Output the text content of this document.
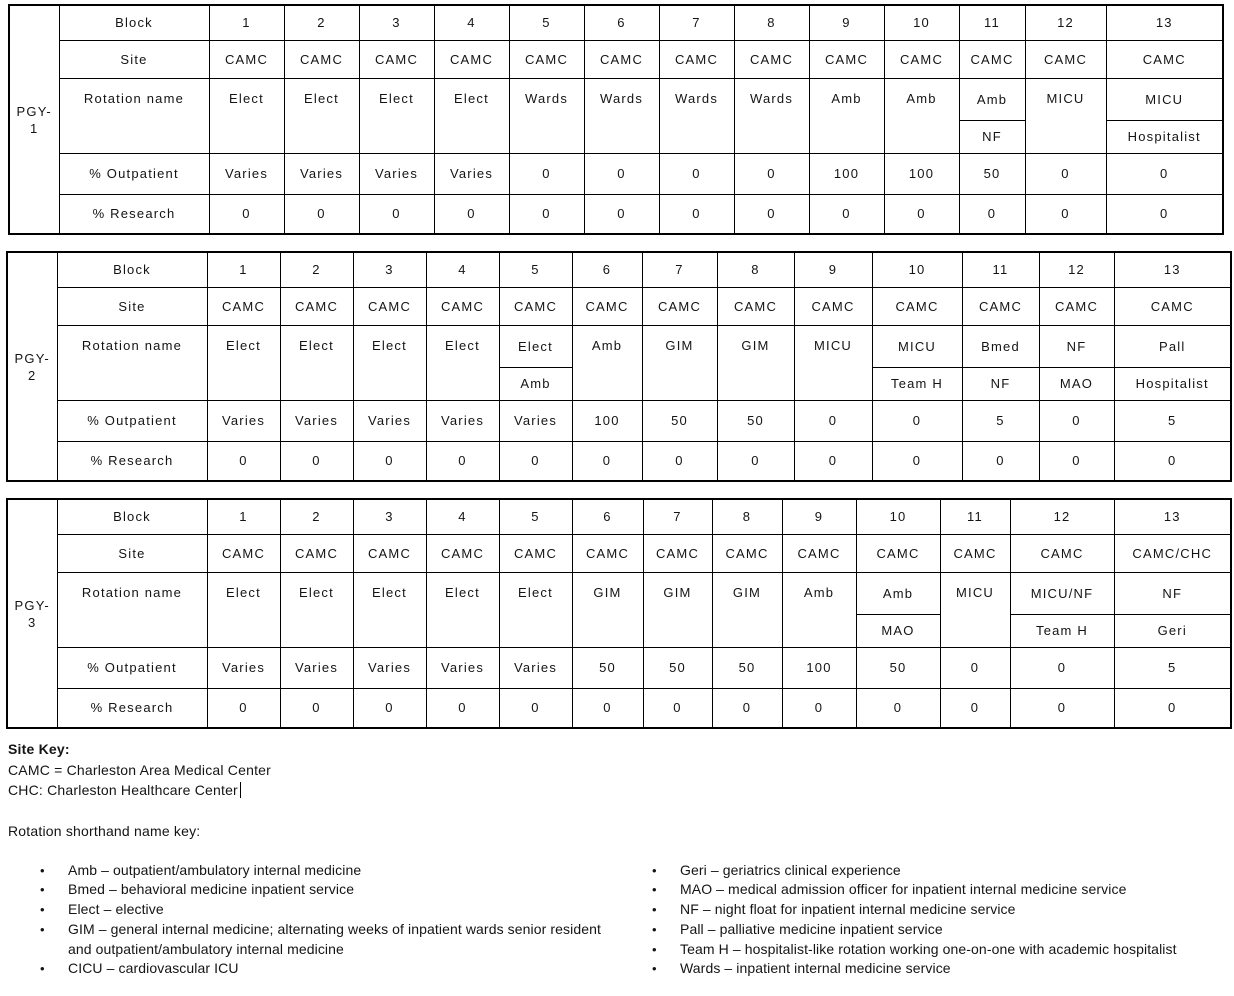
PGY-
1	Block	1	2	3	4	5	6	7	8	9	10	11	12	13
	Site	CAMC	CAMC	CAMC	CAMC	CAMC	CAMC	CAMC	CAMC	CAMC	CAMC	CAMC	CAMC	CAMC
	Rotation name	Elect	Elect	Elect	Elect	Wards	Wards	Wards	Wards	Amb	Amb	Amb	MICU	MICU
												NF		Hospitalist
	% Outpatient	Varies	Varies	Varies	Varies	0	0	0	0	100	100	50	0	0
	% Research	0	0	0	0	0	0	0	0	0	0	0	0	0
PGY-
2	Block	1	2	3	4	5	6	7	8	9	10	11	12	13
	Site	CAMC	CAMC	CAMC	CAMC	CAMC	CAMC	CAMC	CAMC	CAMC	CAMC	CAMC	CAMC	CAMC
	Rotation name	Elect	Elect	Elect	Elect	Elect	Amb	GIM	GIM	MICU	MICU	Bmed	NF	Pall
						Amb					Team H	NF	MAO	Hospitalist
	% Outpatient	Varies	Varies	Varies	Varies	Varies	100	50	50	0	0	5	0	5
	% Research	0	0	0	0	0	0	0	0	0	0	0	0	0
PGY-
3	Block	1	2	3	4	5	6	7	8	9	10	11	12	13
	Site	CAMC	CAMC	CAMC	CAMC	CAMC	CAMC	CAMC	CAMC	CAMC	CAMC	CAMC	CAMC	CAMC/CHC
	Rotation name	Elect	Elect	Elect	Elect	Elect	GIM	GIM	GIM	Amb	Amb	MICU	MICU/NF	NF
											MAO		Team H	Geri
	% Outpatient	Varies	Varies	Varies	Varies	Varies	50	50	50	100	50	0	0	5
	% Research	0	0	0	0	0	0	0	0	0	0	0	0	0
Site Key:
CAMC = Charleston Area Medical Center
CHC: Charleston Healthcare Center
Rotation shorthand name key:
•	Amb – outpatient/ambulatory internal medicine
•	Bmed – behavioral medicine inpatient service
•	Elect – elective
•	GIM – general internal medicine; alternating weeks of inpatient wards senior resident and outpatient/ambulatory internal medicine
•	CICU – cardiovascular ICU
•	Geri – geriatrics clinical experience
•	MAO – medical admission officer for inpatient internal medicine service
•	NF – night float for inpatient internal medicine service
•	Pall – palliative medicine inpatient service
•	Team H – hospitalist-like rotation working one-on-one with academic hospitalist
•	Wards – inpatient internal medicine service
